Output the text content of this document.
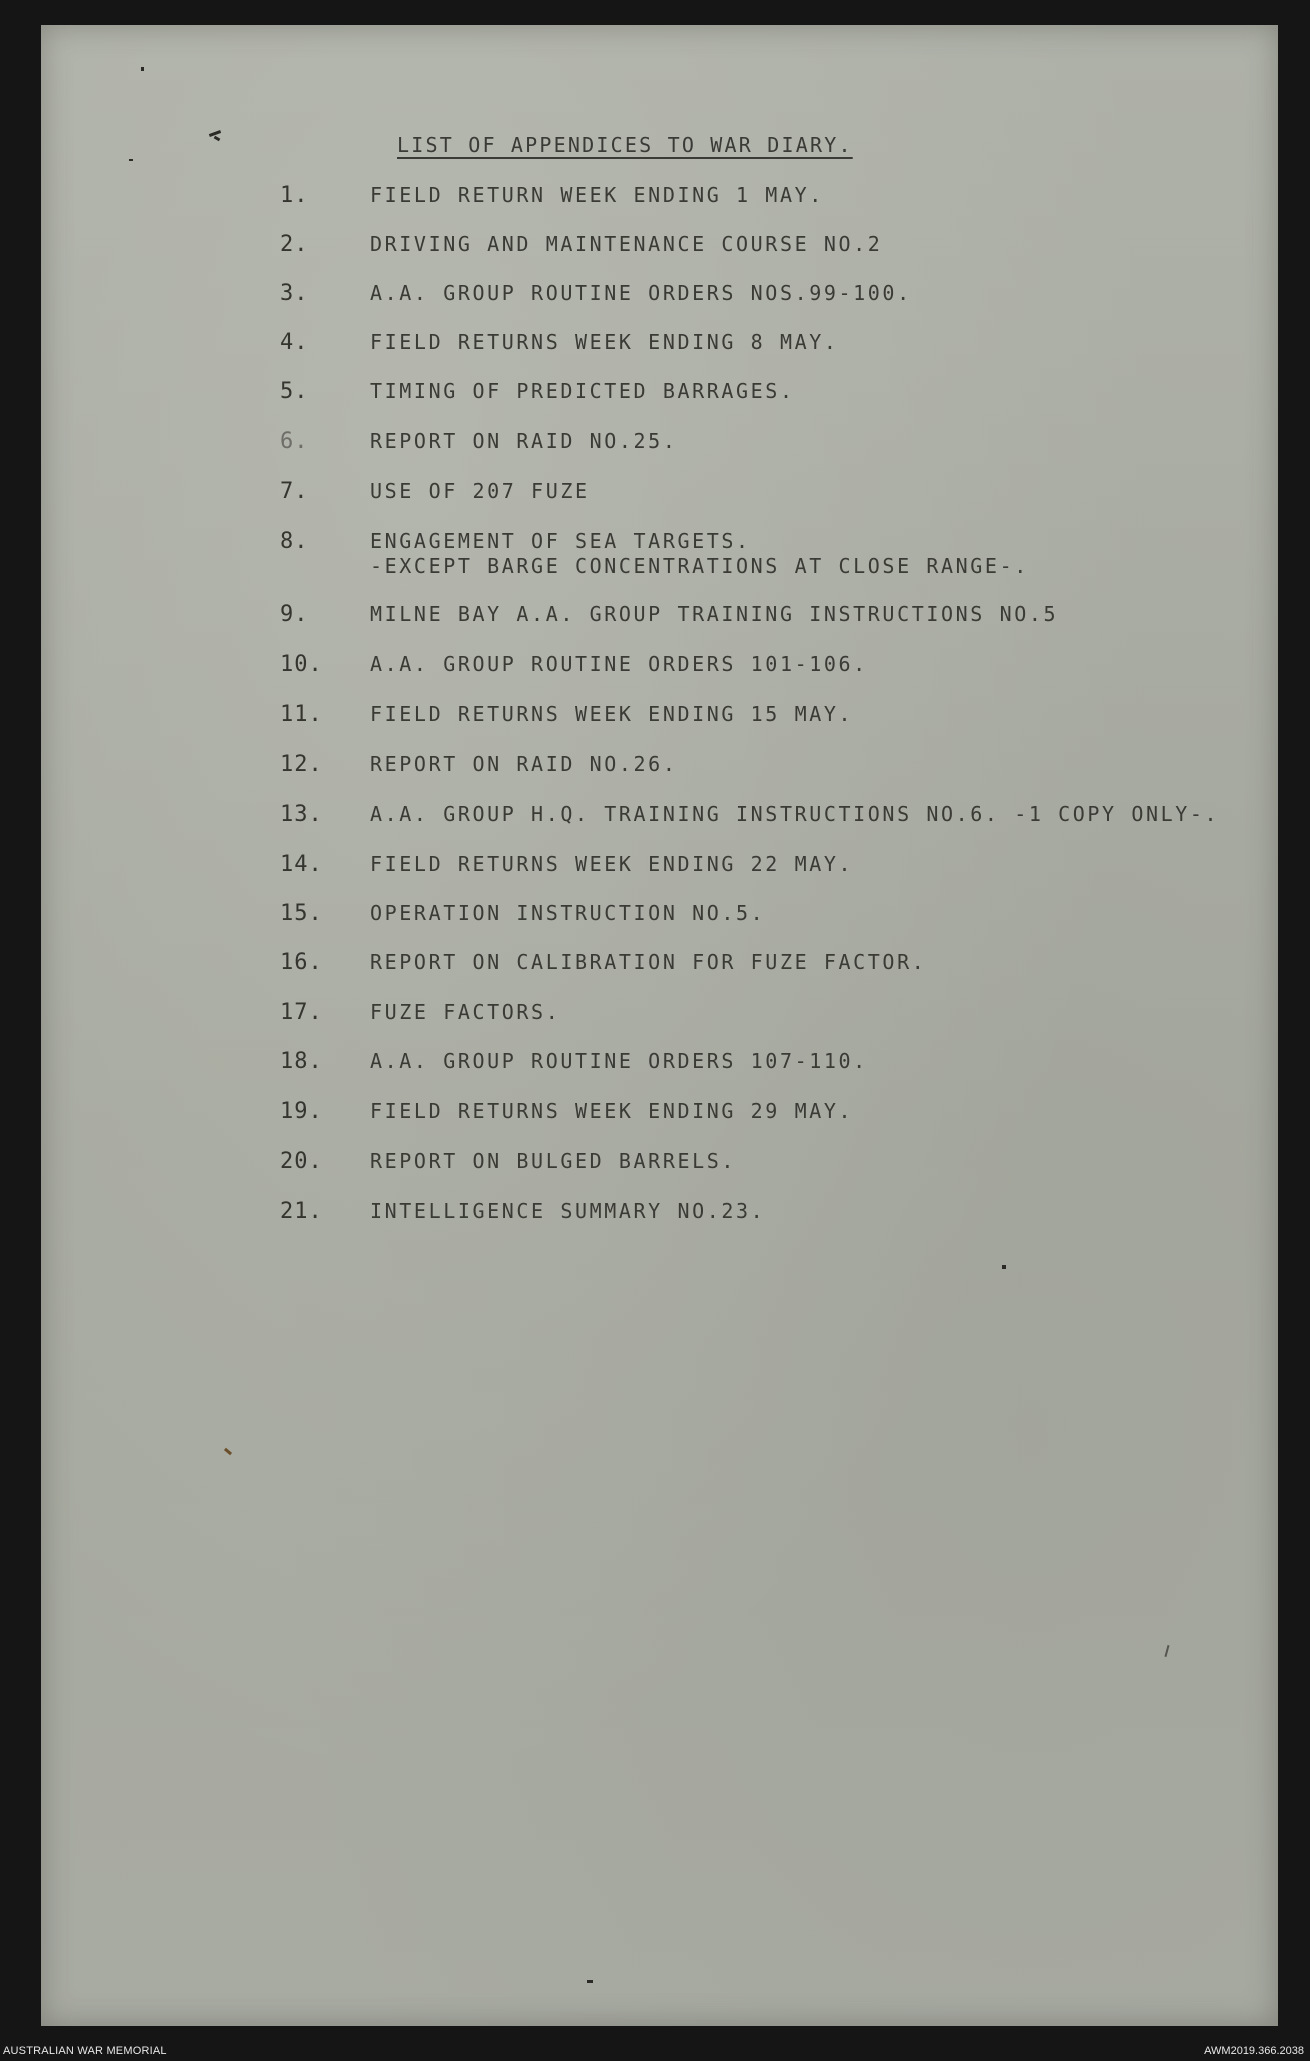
LIST OF APPENDICES TO WAR DIARY.
1.	FIELD RETURN WEEK ENDING 1 MAY.
2.	DRIVING AND MAINTENANCE COURSE NO.2
3.	A.A. GROUP ROUTINE ORDERS NOS.99-100.
4.	FIELD RETURNS WEEK ENDING 8 MAY.
5.	TIMING OF PREDICTED BARRAGES.
6.	REPORT ON RAID NO.25.
7.	USE OF 207 FUZE
8.	ENGAGEMENT OF SEA TARGETS.
-EXCEPT BARGE CONCENTRATIONS AT CLOSE RANGE-.
9.	MILNE BAY A.A. GROUP TRAINING INSTRUCTIONS NO.5
10. A.A. GROUP ROUTINE ORDERS 101-106.
11. FIELD RETURNS WEEK ENDING 15 MAY.
12. REPORT ON RAID NO.26.
13. A.A. GROUP H.Q. TRAINING INSTRUCTIONS NO.6. -1 COPY ONLY-.
14. FIELD RETURNS WEEK ENDING 22 MAY.
15. OPERATION INSTRUCTION NO.5.
16. REPORT ON CALIBRATION FOR FUZE FACTOR.
17. FUZE FACTORS.
18. A.A. GROUP ROUTINE ORDERS 107-110.
19. FIELD RETURNS WEEK ENDING 29 MAY.
20. REPORT ON BULGED BARRELS.
21. INTELLIGENCE SUMMARY NO.23.
AUSTRALIAN WAR MEMORIAL	AWM2019.366.2038
